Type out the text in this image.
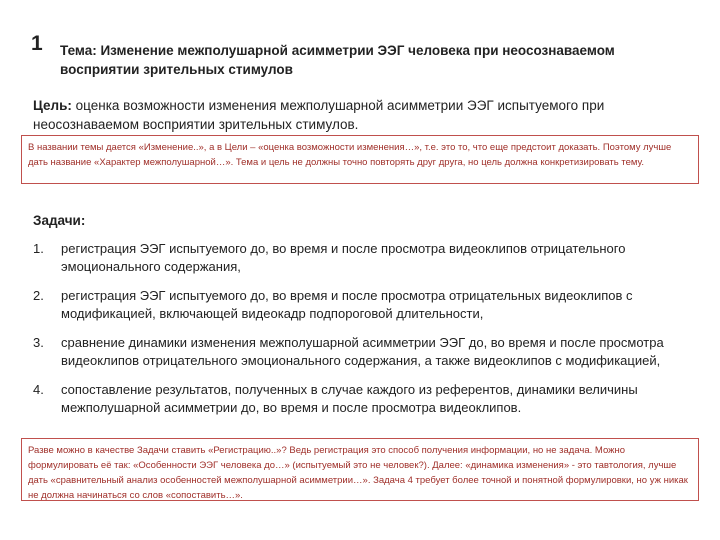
1 Тема: Изменение межполушарной асимметрии ЭЭГ человека при неосознаваемом восприятии зрительных стимулов
Цель: оценка возможности изменения межполушарной асимметрии ЭЭГ испытуемого при неосознаваемом восприятии зрительных стимулов.
В названии темы дается «Изменение..», а в Цели – «оценка возможности изменения…», т.е. это то, что еще предстоит доказать. Поэтому лучше дать название «Характер межполушарной…». Тема и цель не должны точно повторять друг друга, но цель должна конкретизировать тему.
Задачи:
1. регистрация ЭЭГ испытуемого до, во время и после просмотра видеоклипов отрицательного эмоционального содержания,
2. регистрация ЭЭГ испытуемого до, во время и после просмотра отрицательных видеоклипов с модификацией, включающей видеокадр подпороговой длительности,
3. сравнение динамики изменения межполушарной асимметрии ЭЭГ до, во время и после просмотра видеоклипов отрицательного эмоционального содержания, а также видеоклипов с модификацией,
4. сопоставление результатов, полученных в случае каждого из референтов, динамики величины межполушарной асимметрии до, во время и после просмотра видеоклипов.
Разве можно в качестве Задачи ставить «Регистрацию..»? Ведь регистрация это способ получения информации, но не задача. Можно формулировать её так: «Особенности ЭЭГ человека до…» (испытуемый это не человек?). Далее: «динамика изменения» - это тавтология, лучше дать «сравнительный анализ особенностей межполушарной асимметрии…». Задача 4 требует более точной и понятной формулировки, но уж никак не должна начинаться со слов «сопоставить…».
